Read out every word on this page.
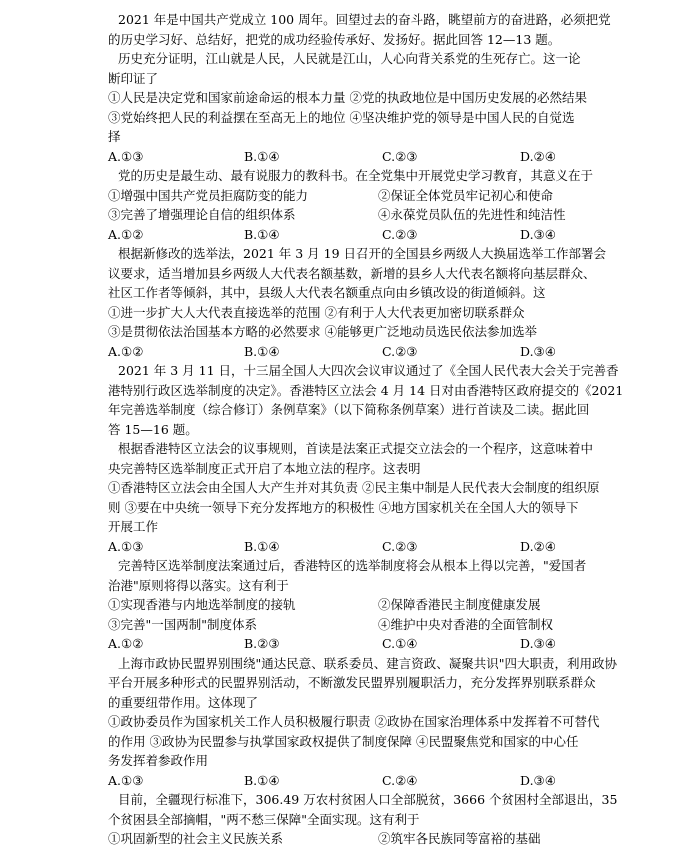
2021 年是中国共产党成立 100 周年。回望过去的奋斗路，眺望前方的奋进路，必须把党
的历史学习好、总结好，把党的成功经验传承好、发扬好。据此回答 12—13 题。
历史充分证明，江山就是人民，人民就是江山，人心向背关系党的生死存亡。这一论
断印证了
①人民是决定党和国家前途命运的根本力量 ②党的执政地位是中国历史发展的必然结果
③党始终把人民的利益摆在至高无上的地位 ④坚决维护党的领导是中国人民的自觉选
择
A.①③	B.①④	C.②③	D.②④
党的历史是最生动、最有说服力的教科书。在全党集中开展党史学习教育，其意义在于
①增强中国共产党员拒腐防变的能力	②保证全体党员牢记初心和使命
③完善了增强理论自信的组织体系	④永葆党员队伍的先进性和纯洁性
A.①②	B.①④	C.②③	D.③④
根据新修改的选举法，2021 年 3 月 19 日召开的全国县乡两级人大换届选举工作部署会
议要求，适当增加县乡两级人大代表名额基数，新增的县乡人大代表名额将向基层群众、
社区工作者等倾斜，其中，县级人大代表名额重点向由乡镇改设的街道倾斜。这
①进一步扩大人大代表直接选举的范围 ②有利于人大代表更加密切联系群众
③是贯彻依法治国基本方略的必然要求 ④能够更广泛地动员选民依法参加选举
A.①②	B.①④	C.②③	D.③④
2021 年 3 月 11 日，十三届全国人大四次会议审议通过了《全国人民代表大会关于完善香
港特别行政区选举制度的决定》。香港特区立法会 4 月 14 日对由香港特区政府提交的《2021
年完善选举制度（综合修订）条例草案》（以下简称条例草案）进行首读及二读。据此回
答 15—16 题。
根据香港特区立法会的议事规则，首读是法案正式提交立法会的一个程序，这意味着中
央完善特区选举制度正式开启了本地立法的程序。这表明
①香港特区立法会由全国人大产生并对其负责 ②民主集中制是人民代表大会制度的组织原
则 ③要在中央统一领导下充分发挥地方的积极性 ④地方国家机关在全国人大的领导下
开展工作
A.①③	B.①④	C.②③	D.②④
完善特区选举制度法案通过后，香港特区的选举制度将会从根本上得以完善，"爱国者
治港"原则将得以落实。这有利于
①实现香港与内地选举制度的接轨	②保障香港民主制度健康发展
③完善"一国两制"制度体系	④维护中央对香港的全面管制权
A.①②	B.②③	C.①④	D.③④
上海市政协民盟界别围绕"通达民意、联系委员、建言资政、凝聚共识"四大职责，利用政协
平台开展多种形式的民盟界别活动，不断激发民盟界别履职活力，充分发挥界别联系群众
的重要纽带作用。这体现了
①政协委员作为国家机关工作人员积极履行职责 ②政协在国家治理体系中发挥着不可替代
的作用 ③政协为民盟参与执掌国家政权提供了制度保障 ④民盟聚焦党和国家的中心任
务发挥着参政作用
A.①③	B.①④	C.②④	D.③④
目前，全疆现行标准下，306.49 万农村贫困人口全部脱贫，3666 个贫困村全部退出，35
个贫困县全部摘帽，"两不愁三保障"全面实现。这有利于
①巩固新型的社会主义民族关系	②筑牢各民族同等富裕的基础
